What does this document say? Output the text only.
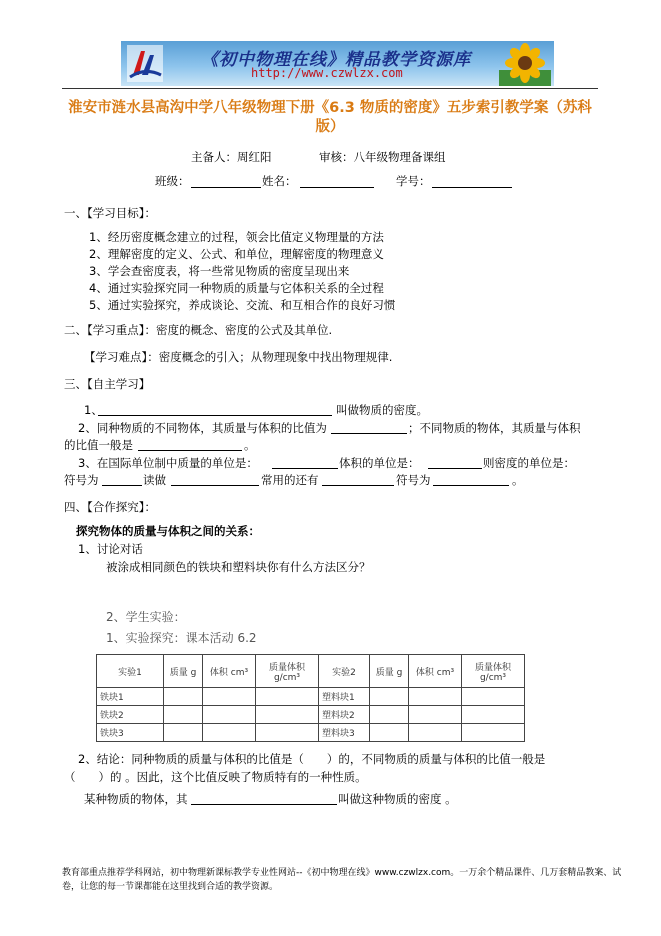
《初中物理在线》精品教学资源库
http://www.czwlzx.com
淮安市涟水县高沟中学八年级物理下册《6.3 物质的密度》五步索引教学案（苏科版）
主备人：周红阳	审核：八年级物理备课组
班级：	姓名：	学号：
一、【学习目标】：
1、经历密度概念建立的过程，领会比值定义物理量的方法
2、理解密度的定义、公式、和单位，理解密度的物理意义
3、学会查密度表，将一些常见物质的密度呈现出来
4、通过实验探究同一种物质的质量与它体积关系的全过程
5、通过实验探究，养成谈论、交流、和互相合作的良好习惯
二、【学习重点】：密度的概念、密度的公式及其单位.
【学习难点】：密度概念的引入；从物理现象中找出物理规律.
三、【自主学习】
1、	叫做物质的密度。
2、同种物质的不同物体，其质量与体积的比值为	；不同物质的物体，其质量与体积
的比值一般是	。
3、在国际单位制中质量的单位是：	体积的单位是：	则密度的单位是：
符号为	读做	常用的还有	符号为	。
四、【合作探究】：
探究物体的质量与体积之间的关系：
1、讨论对话
被涂成相同颜色的铁块和塑料块你有什么方法区分？
2、学生实验：
1、实验探究：课本活动 6.2
实验1	质量 g	体积 cm³	质量体积 g/cm³	实验2	质量 g	体积 cm³	质量体积 g/cm³
铁块1				塑料块1			
铁块2				塑料块2			
铁块3				塑料块3			
2、结论：同种物质的质量与体积的比值是（　　）的，不同物质的质量与体积的比值一般是
（　　）的 。因此，这个比值反映了物质特有的一种性质。
某种物质的物体，其	叫做这种物质的密度 。
教育部重点推荐学科网站，初中物理新课标教学专业性网站--《初中物理在线》www.czwlzx.com。一万余个精品课件、几万套精品教案、试卷，让您的每一节课都能在这里找到合适的教学资源。
